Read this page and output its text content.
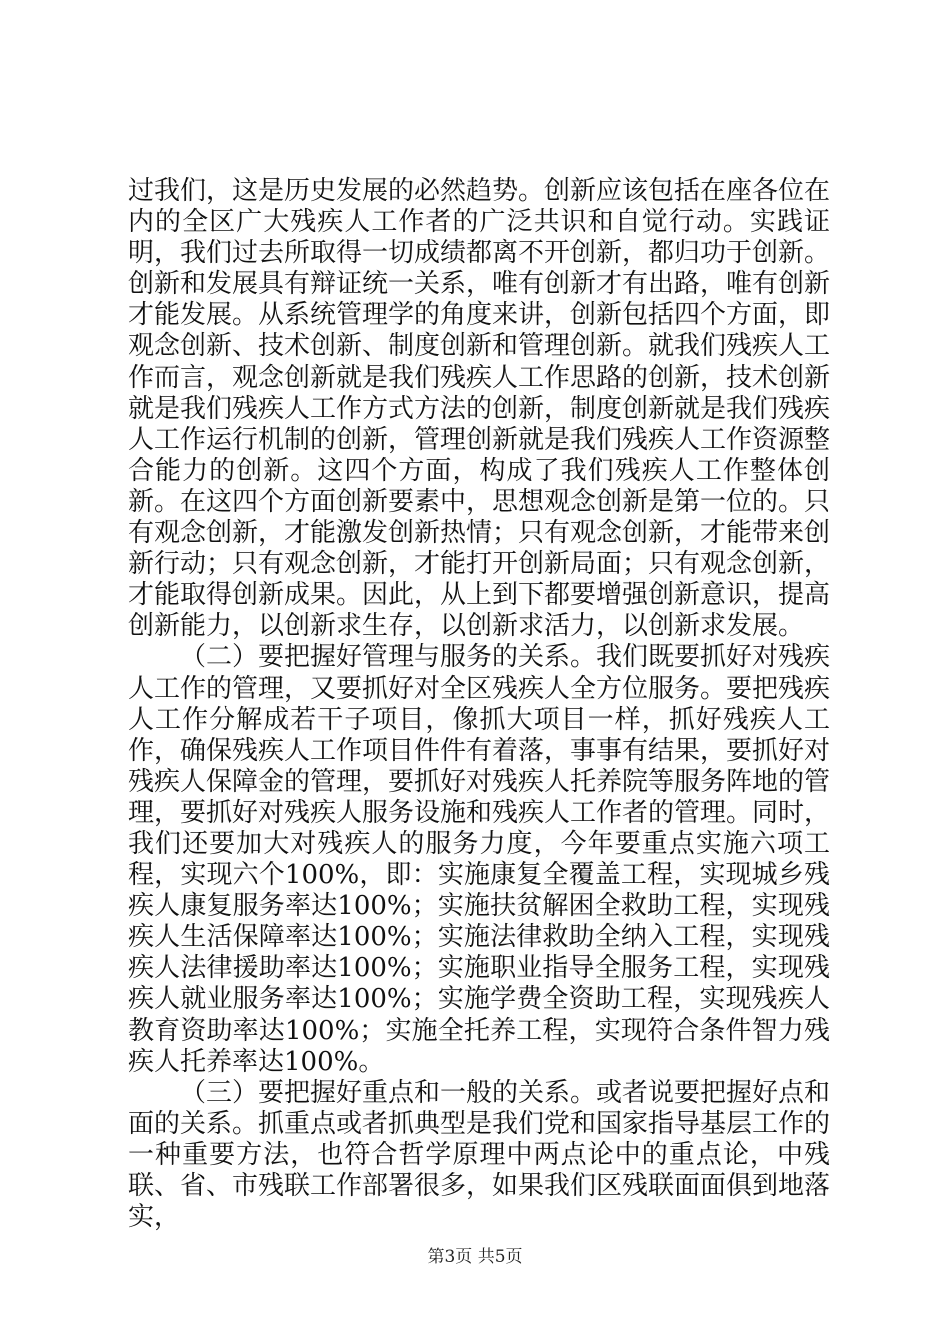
过我们，这是历史发展的必然趋势。创新应该包括在座各位在内的全区广大残疾人工作者的广泛共识和自觉行动。实践证明，我们过去所取得一切成绩都离不开创新，都归功于创新。创新和发展具有辩证统一关系，唯有创新才有出路，唯有创新才能发展。从系统管理学的角度来讲，创新包括四个方面，即观念创新、技术创新、制度创新和管理创新。就我们残疾人工作而言，观念创新就是我们残疾人工作思路的创新，技术创新就是我们残疾人工作方式方法的创新，制度创新就是我们残疾人工作运行机制的创新，管理创新就是我们残疾人工作资源整合能力的创新。这四个方面，构成了我们残疾人工作整体创新。在这四个方面创新要素中，思想观念创新是第一位的。只有观念创新，才能激发创新热情；只有观念创新，才能带来创新行动；只有观念创新，才能打开创新局面；只有观念创新，才能取得创新成果。因此，从上到下都要增强创新意识，提高创新能力，以创新求生存，以创新求活力，以创新求发展。

（二）要把握好管理与服务的关系。我们既要抓好对残疾人工作的管理，又要抓好对全区残疾人全方位服务。要把残疾人工作分解成若干子项目，像抓大项目一样，抓好残疾人工作，确保残疾人工作项目件件有着落，事事有结果，要抓好对残疾人保障金的管理，要抓好对残疾人托养院等服务阵地的管理，要抓好对残疾人服务设施和残疾人工作者的管理。同时，我们还要加大对残疾人的服务力度，今年要重点实施六项工程，实现六个100%，即：实施康复全覆盖工程，实现城乡残疾人康复服务率达100%；实施扶贫解困全救助工程，实现残疾人生活保障率达100%；实施法律救助全纳入工程，实现残疾人法律援助率达100%；实施职业指导全服务工程，实现残疾人就业服务率达100%；实施学费全资助工程，实现残疾人教育资助率达100%；实施全托养工程，实现符合条件智力残疾人托养率达100%。

（三）要把握好重点和一般的关系。或者说要把握好点和面的关系。抓重点或者抓典型是我们党和国家指导基层工作的一种重要方法，也符合哲学原理中两点论中的重点论，中残联、省、市残联工作部署很多，如果我们区残联面面俱到地落实，

第3页 共5页
